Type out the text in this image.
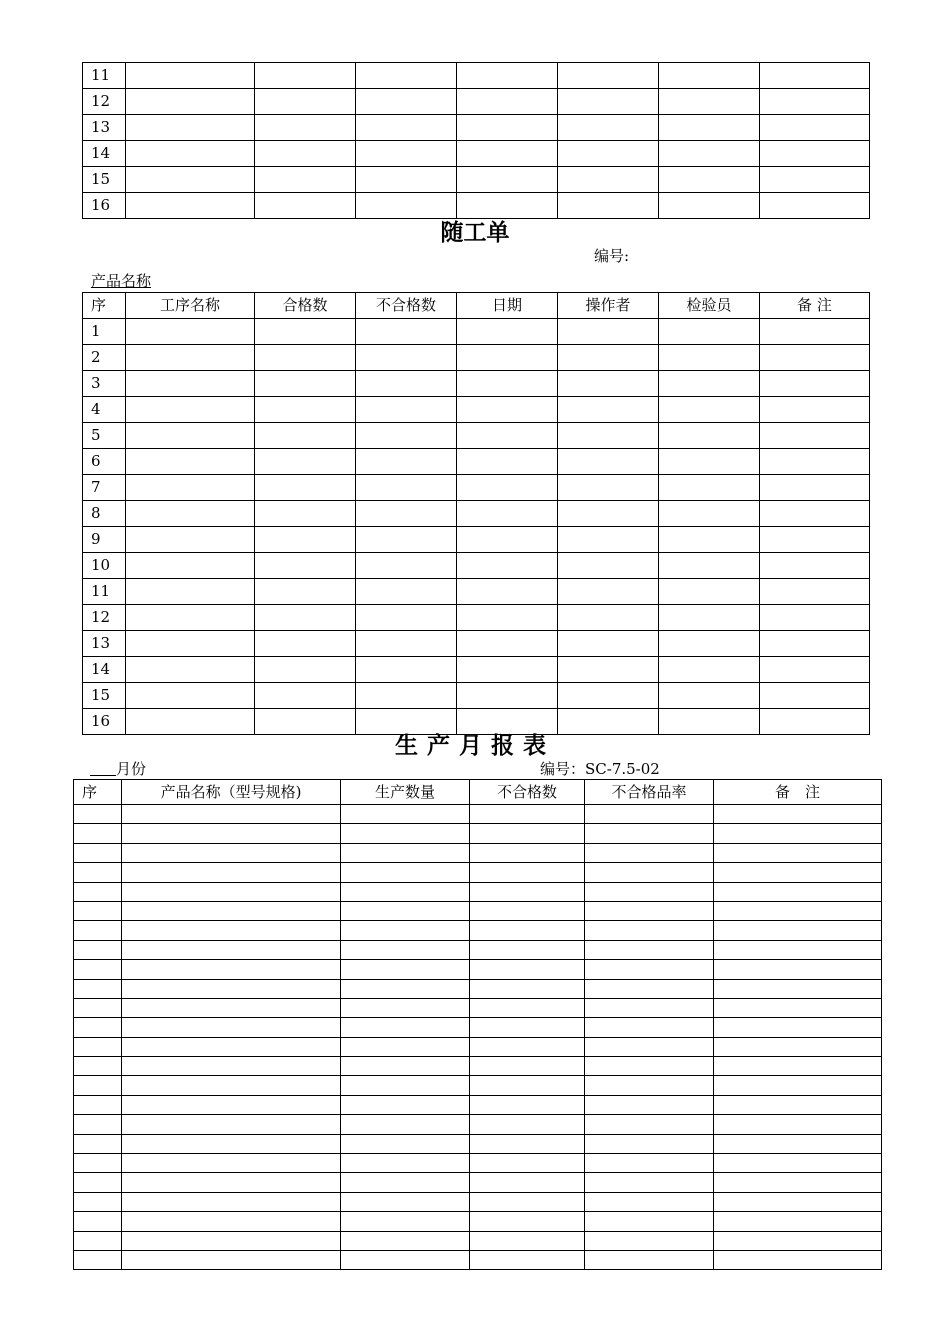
11							
12							
13							
14							
15							
16							
随工单
编号:
产品名称
序	工序名称	合格数	不合格数	日期	操作者	检验员	备 注
1							
2							
3							
4							
5							
6							
7							
8							
9							
10							
11							
12							
13							
14							
15							
16							
生产月报表
月份	编号：SC-7.5-02
序	产品名称（型号规格)	生产数量	不合格数	不合格品率	备　注
